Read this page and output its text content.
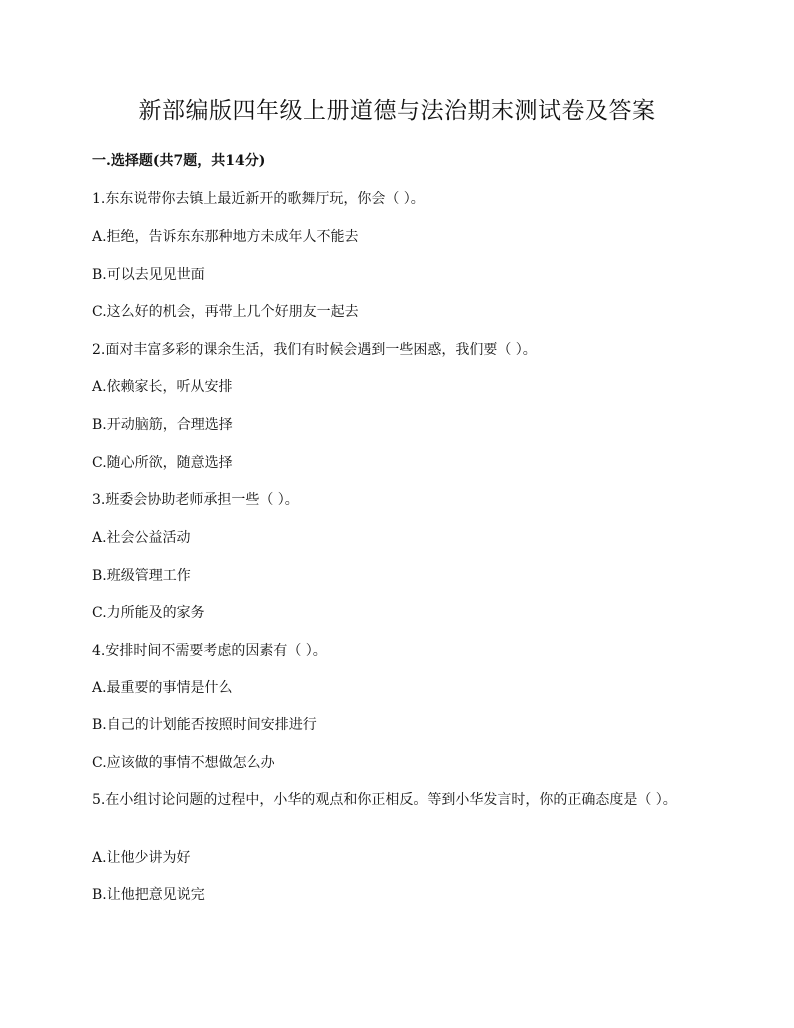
新部编版四年级上册道德与法治期末测试卷及答案

一.选择题(共7题，共14分)

1.东东说带你去镇上最近新开的歌舞厅玩，你会（ ）。

A.拒绝，告诉东东那种地方未成年人不能去

B.可以去见见世面

C.这么好的机会，再带上几个好朋友一起去

2.面对丰富多彩的课余生活，我们有时候会遇到一些困惑，我们要（ ）。

A.依赖家长，听从安排

B.开动脑筋，合理选择

C.随心所欲，随意选择

3.班委会协助老师承担一些（ ）。

A.社会公益活动

B.班级管理工作

C.力所能及的家务

4.安排时间不需要考虑的因素有（ ）。

A.最重要的事情是什么

B.自己的计划能否按照时间安排进行

C.应该做的事情不想做怎么办

5.在小组讨论问题的过程中，小华的观点和你正相反。等到小华发言时，你的正确态度是（ ）。

A.让他少讲为好

B.让他把意见说完
